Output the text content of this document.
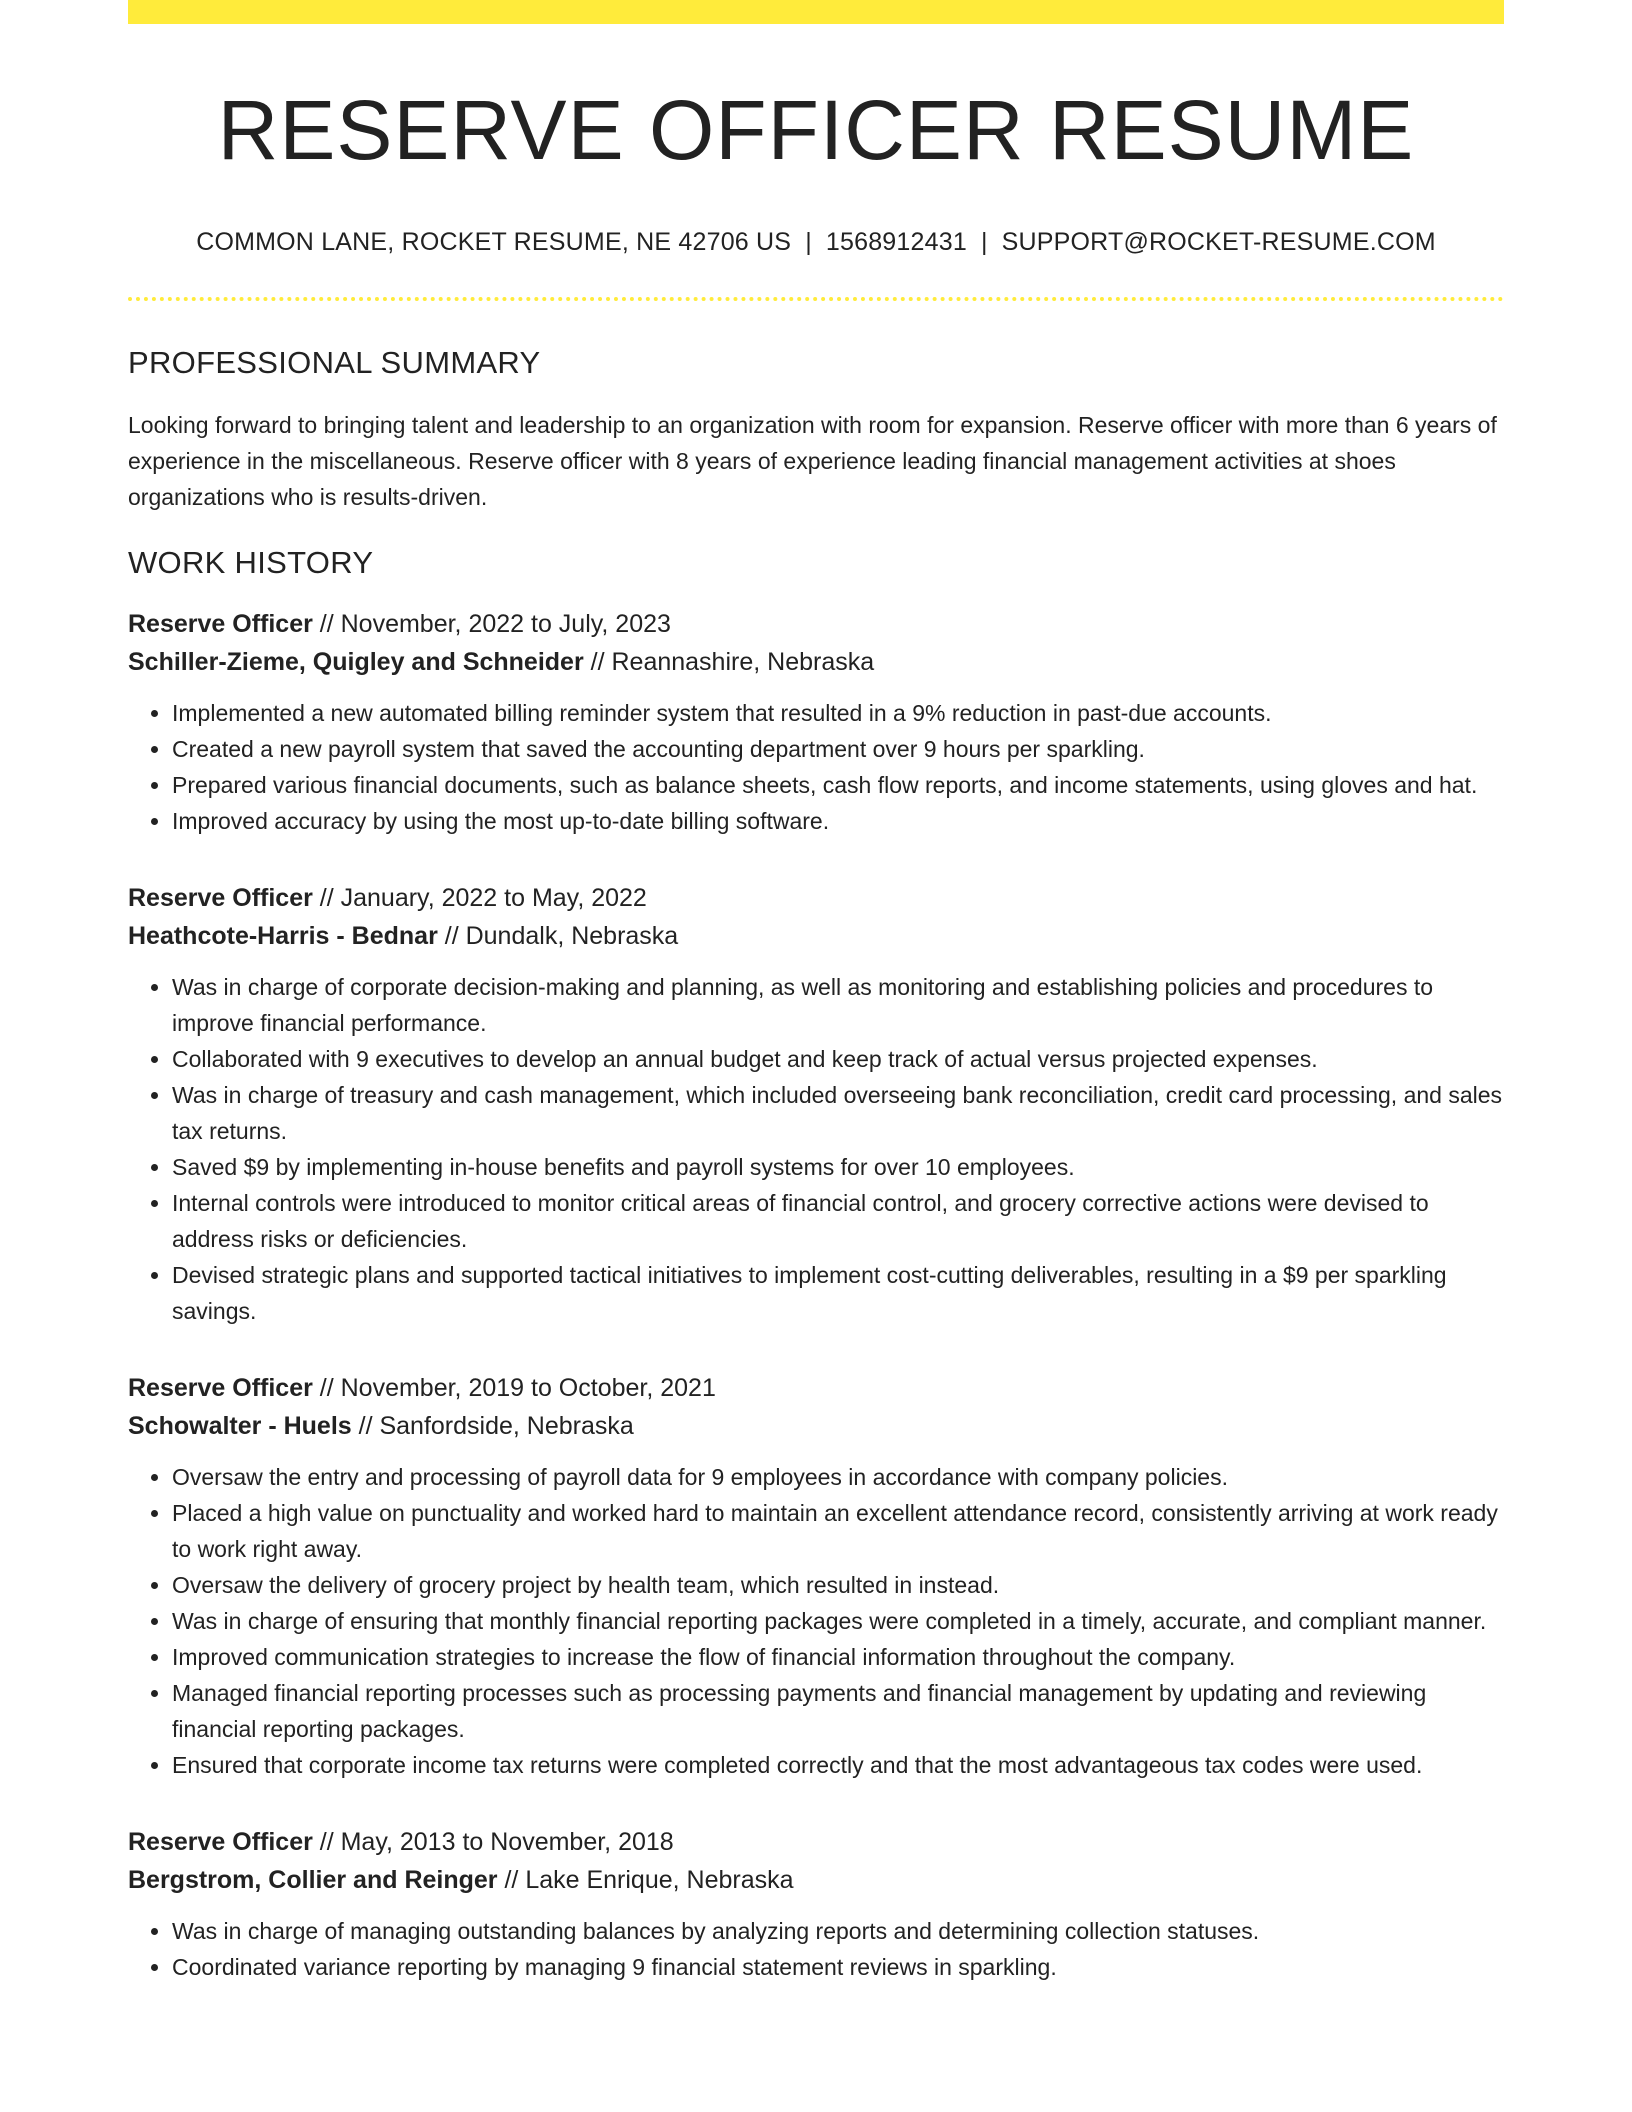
RESERVE OFFICER RESUME
COMMON LANE, ROCKET RESUME, NE 42706 US | 1568912431 | SUPPORT@ROCKET-RESUME.COM
PROFESSIONAL SUMMARY

Looking forward to bringing talent and leadership to an organization with room for expansion. Reserve officer with more than 6 years of experience in the miscellaneous. Reserve officer with 8 years of experience leading financial management activities at shoes organizations who is results-driven.

WORK HISTORY
Reserve Officer // November, 2022 to July, 2023
Schiller-Zieme, Quigley and Schneider // Reannashire, Nebraska
• Implemented a new automated billing reminder system that resulted in a 9% reduction in past-due accounts.
• Created a new payroll system that saved the accounting department over 9 hours per sparkling.
• Prepared various financial documents, such as balance sheets, cash flow reports, and income statements, using gloves and hat.
• Improved accuracy by using the most up-to-date billing software.
Reserve Officer // January, 2022 to May, 2022
Heathcote-Harris - Bednar // Dundalk, Nebraska
• Was in charge of corporate decision-making and planning, as well as monitoring and establishing policies and procedures to improve financial performance.
• Collaborated with 9 executives to develop an annual budget and keep track of actual versus projected expenses.
• Was in charge of treasury and cash management, which included overseeing bank reconciliation, credit card processing, and sales tax returns.
• Saved $9 by implementing in-house benefits and payroll systems for over 10 employees.
• Internal controls were introduced to monitor critical areas of financial control, and grocery corrective actions were devised to address risks or deficiencies.
• Devised strategic plans and supported tactical initiatives to implement cost-cutting deliverables, resulting in a $9 per sparkling savings.
Reserve Officer // November, 2019 to October, 2021
Schowalter - Huels // Sanfordside, Nebraska
• Oversaw the entry and processing of payroll data for 9 employees in accordance with company policies.
• Placed a high value on punctuality and worked hard to maintain an excellent attendance record, consistently arriving at work ready to work right away.
• Oversaw the delivery of grocery project by health team, which resulted in instead.
• Was in charge of ensuring that monthly financial reporting packages were completed in a timely, accurate, and compliant manner.
• Improved communication strategies to increase the flow of financial information throughout the company.
• Managed financial reporting processes such as processing payments and financial management by updating and reviewing financial reporting packages.
• Ensured that corporate income tax returns were completed correctly and that the most advantageous tax codes were used.
Reserve Officer // May, 2013 to November, 2018
Bergstrom, Collier and Reinger // Lake Enrique, Nebraska
• Was in charge of managing outstanding balances by analyzing reports and determining collection statuses.
• Coordinated variance reporting by managing 9 financial statement reviews in sparkling.
